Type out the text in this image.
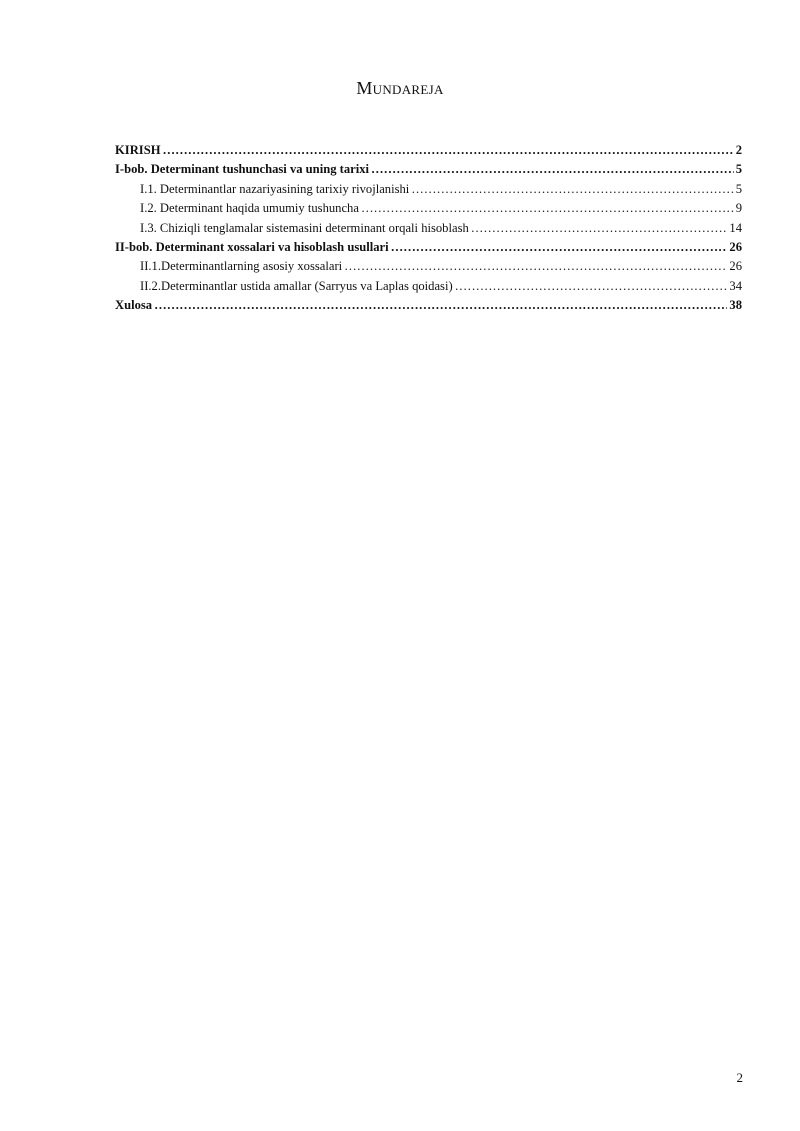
Mundareja
KIRISH ………………………………………………………………………………………………………………………………………………………………………………………………………………	2
I-bob. Determinant tushunchasi va uning tarixi ………………………………………………………………………………………………………………………………………………………………………………………………………………	5
I.1. Determinantlar nazariyasining tarixiy rivojlanishi ………………………………………………………………………………………………………………………………………………………………………………………………………………	5
I.2. Determinant haqida umumiy tushuncha ………………………………………………………………………………………………………………………………………………………………………………………………………………	9
I.3. Chiziqli tenglamalar sistemasini determinant orqali hisoblash ………………………………………………………………………………………………………………………………………………………………………………………………………………	14
II-bob. Determinant xossalari va hisoblash usullari ………………………………………………………………………………………………………………………………………………………………………………………………………………	26
II.1.Determinantlarning asosiy xossalari ………………………………………………………………………………………………………………………………………………………………………………………………………………	26
II.2.Determinantlar ustida amallar (Sarryus va Laplas qoidasi) ………………………………………………………………………………………………………………………………………………………………………………………………………………	34
Xulosa ………………………………………………………………………………………………………………………………………………………………………………………………………………	38
2
